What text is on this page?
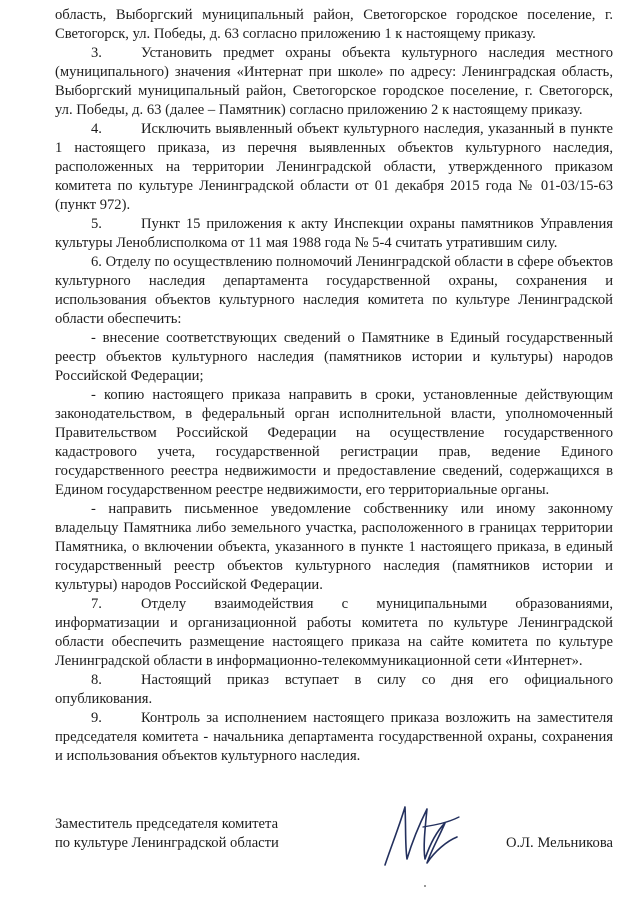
область, Выборгский муниципальный район, Светогорское городское поселение, г. Светогорск, ул. Победы, д. 63 согласно приложению 1 к настоящему приказу.

3.	Установить предмет охраны объекта культурного наследия местного (муниципального) значения «Интернат при школе» по адресу: Ленинградская область, Выборгский муниципальный район, Светогорское городское поселение, г. Светогорск, ул. Победы, д. 63 (далее – Памятник) согласно приложению 2 к настоящему приказу.

4.	Исключить выявленный объект культурного наследия, указанный в пункте 1 настоящего приказа, из перечня выявленных объектов культурного наследия, расположенных на территории Ленинградской области, утвержденного приказом комитета по культуре Ленинградской области от 01 декабря 2015 года № 01-03/15-63 (пункт 972).

5.	Пункт 15 приложения к акту Инспекции охраны памятников Управления культуры Леноблисполкома от 11 мая 1988 года № 5-4 считать утратившим силу.

6. Отделу по осуществлению полномочий Ленинградской области в сфере объектов культурного наследия департамента государственной охраны, сохранения и использования объектов культурного наследия комитета по культуре Ленинградской области обеспечить:

- внесение соответствующих сведений о Памятнике в Единый государственный реестр объектов культурного наследия (памятников истории и культуры) народов Российской Федерации;

- копию настоящего приказа направить в сроки, установленные действующим законодательством, в федеральный орган исполнительной власти, уполномоченный Правительством Российской Федерации на осуществление государственного кадастрового учета, государственной регистрации прав, ведение Единого государственного реестра недвижимости и предоставление сведений, содержащихся в Едином государственном реестре недвижимости, его территориальные органы.

- направить письменное уведомление собственнику или иному законному владельцу Памятника либо земельного участка, расположенного в границах территории Памятника, о включении объекта, указанного в пункте 1 настоящего приказа, в единый государственный реестр объектов культурного наследия (памятников истории и культуры) народов Российской Федерации.

7.	Отделу взаимодействия с муниципальными образованиями, информатизации и организационной работы комитета по культуре Ленинградской области обеспечить размещение настоящего приказа на сайте комитета по культуре Ленинградской области в информационно-телекоммуникационной сети «Интернет».

8.	Настоящий приказ вступает в силу со дня его официального опубликования.

9.	Контроль за исполнением настоящего приказа возложить на заместителя председателя комитета - начальника департамента государственной охраны, сохранения и использования объектов культурного наследия.

Заместитель председателя комитета
по культуре Ленинградской области	О.Л. Мельникова
